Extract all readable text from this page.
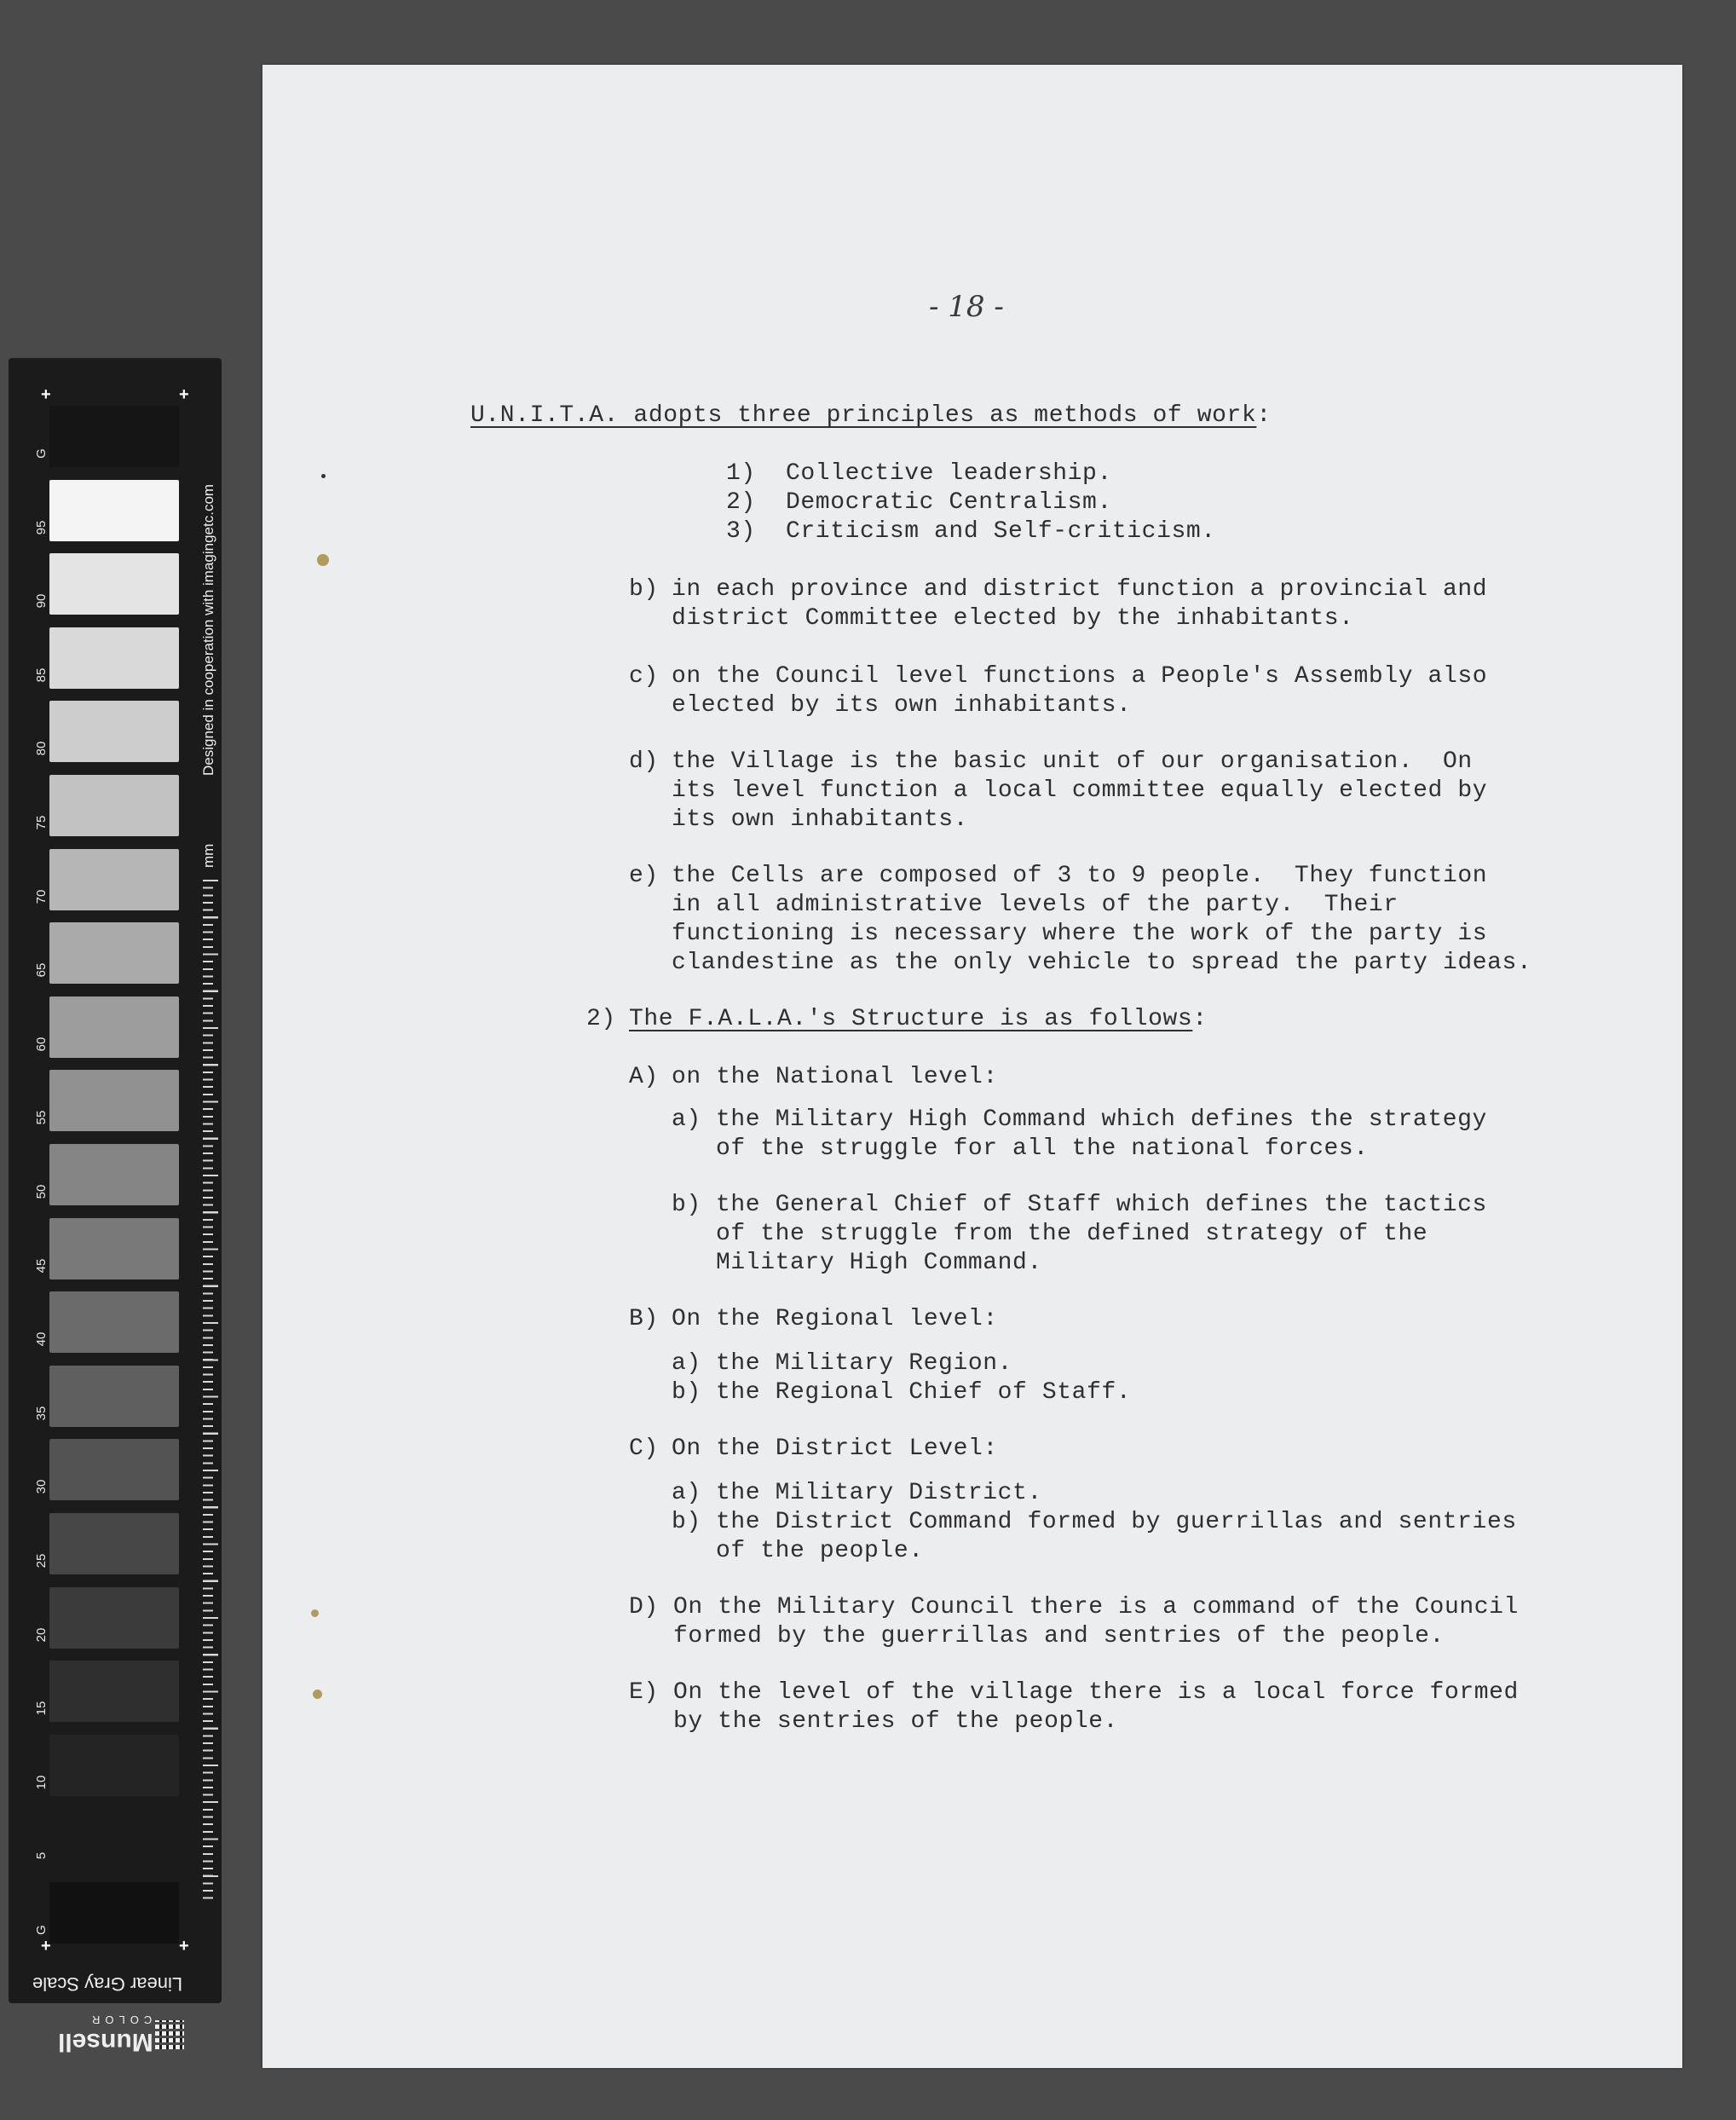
+	+
G
95
90
85
80
75
70
65
60
55
50
45
40
35
30
25
20
15
10
5
G
Designed in cooperation with imagingetc.com
mm
+	+
Linear Gray Scale
COLOR
Munsell
- 18 -
U.N.I.T.A. adopts three principles as methods of work:
1) Collective leadership.
2) Democratic Centralism.
3) Criticism and Self-criticism.
b) in each province and district function a provincial and
district Committee elected by the inhabitants.
c) on the Council level functions a People's Assembly also
elected by its own inhabitants.
d) the Village is the basic unit of our organisation.  On
its level function a local committee equally elected by
its own inhabitants.
e) the Cells are composed of 3 to 9 people.  They function
in all administrative levels of the party.  Their
functioning is necessary where the work of the party is
clandestine as the only vehicle to spread the party ideas.
2) The F.A.L.A.'s Structure is as follows:
A) on the National level:
a) the Military High Command which defines the strategy
of the struggle for all the national forces.
b) the General Chief of Staff which defines the tactics
of the struggle from the defined strategy of the
Military High Command.
B) On the Regional level:
a) the Military Region.
b) the Regional Chief of Staff.
C) On the District Level:
a) the Military District.
b) the District Command formed by guerrillas and sentries
of the people.
D) On the Military Council there is a command of the Council
formed by the guerrillas and sentries of the people.
E) On the level of the village there is a local force formed
by the sentries of the people.
